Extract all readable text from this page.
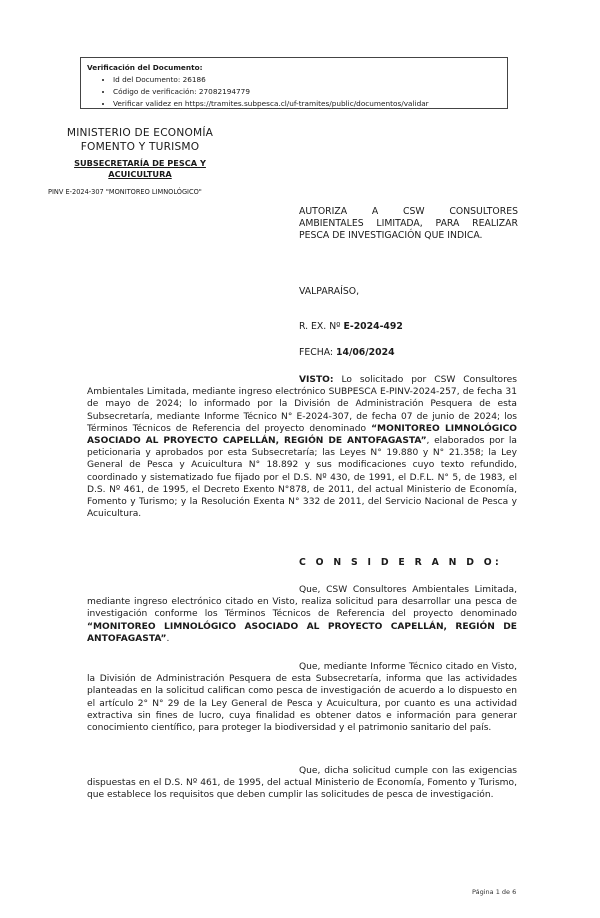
Verificación del Documento:
• Id del Documento: 26186
• Código de verificación: 27082194779
• Verificar validez en https://tramites.subpesca.cl/uf-tramites/public/documentos/validar
MINISTERIO DE ECONOMÍA
FOMENTO Y TURISMO
SUBSECRETARÍA DE PESCA Y ACUICULTURA
PINV E-2024-307 "MONITOREO LIMNOLÓGICO"
AUTORIZA A CSW CONSULTORES AMBIENTALES LIMITADA, PARA REALIZAR PESCA DE INVESTIGACIÓN QUE INDICA.
VALPARAÍSO,
R. EX. Nº E-2024-492
FECHA: 14/06/2024

VISTO: Lo solicitado por CSW Consultores Ambientales Limitada, mediante ingreso electrónico SUBPESCA E-PINV-2024-257, de fecha 31 de mayo de 2024; lo informado por la División de Administración Pesquera de esta Subsecretaría, mediante Informe Técnico N° E-2024-307, de fecha 07 de junio de 2024; los Términos Técnicos de Referencia del proyecto denominado “MONITOREO LIMNOLÓGICO ASOCIADO AL PROYECTO CAPELLÁN, REGIÓN DE ANTOFAGASTA”, elaborados por la peticionaria y aprobados por esta Subsecretaría; las Leyes N° 19.880 y N° 21.358; la Ley General de Pesca y Acuicultura N° 18.892 y sus modificaciones cuyo texto refundido, coordinado y sistematizado fue fijado por el D.S. Nº 430, de 1991, el D.F.L. N° 5, de 1983, el D.S. Nº 461, de 1995, el Decreto Exento N°878, de 2011, del actual Ministerio de Economía, Fomento y Turismo; y la Resolución Exenta N° 332 de 2011, del Servicio Nacional de Pesca y Acuicultura.

C O N S I D E R A N D O:

Que, CSW Consultores Ambientales Limitada, mediante ingreso electrónico citado en Visto, realiza solicitud para desarrollar una pesca de investigación conforme los Términos Técnicos de Referencia del proyecto denominado “MONITOREO LIMNOLÓGICO ASOCIADO AL PROYECTO CAPELLÁN, REGIÓN DE ANTOFAGASTA”.

Que, mediante Informe Técnico citado en Visto, la División de Administración Pesquera de esta Subsecretaría, informa que las actividades planteadas en la solicitud califican como pesca de investigación de acuerdo a lo dispuesto en el artículo 2° N° 29 de la Ley General de Pesca y Acuicultura, por cuanto es una actividad extractiva sin fines de lucro, cuya finalidad es obtener datos e información para generar conocimiento científico, para proteger la biodiversidad y el patrimonio sanitario del país.

Que, dicha solicitud cumple con las exigencias dispuestas en el D.S. Nº 461, de 1995, del actual Ministerio de Economía, Fomento y Turismo, que establece los requisitos que deben cumplir las solicitudes de pesca de investigación.

Página 1 de 6
